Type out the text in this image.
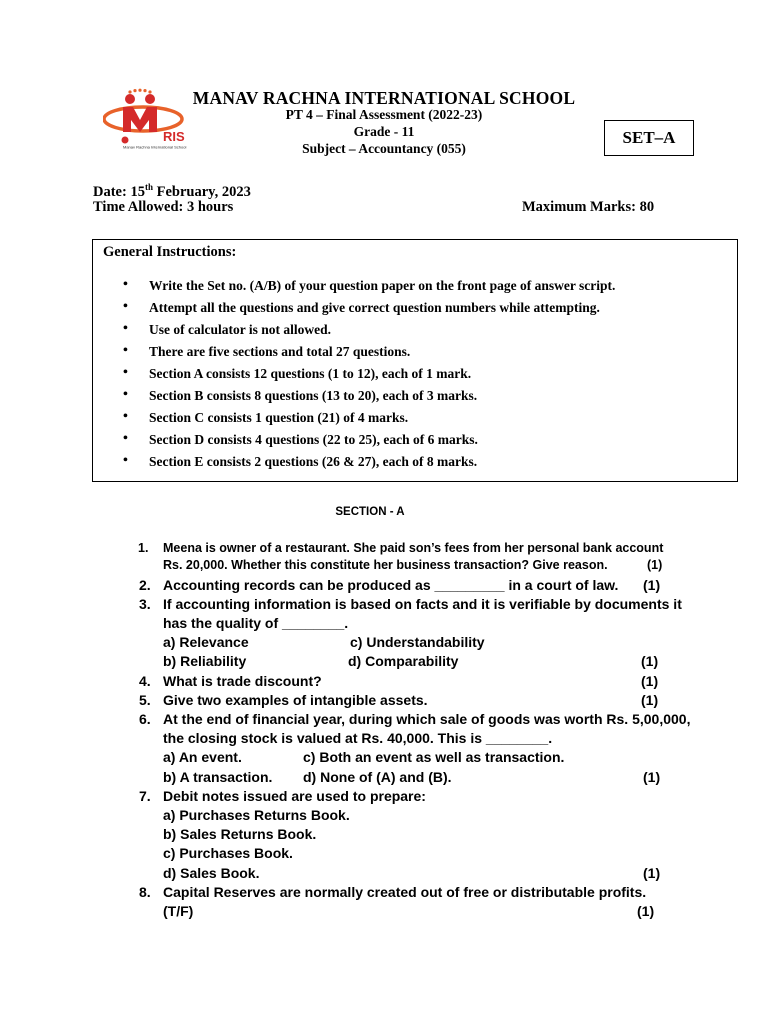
RIS
Manav Rachna International School
MANAV RACHNA INTERNATIONAL SCHOOL
PT 4 – Final Assessment (2022-23)
Grade - 11
Subject – Accountancy (055)
SET–A
Date: 15th February, 2023
Time Allowed: 3 hours	Maximum Marks: 80
General Instructions:
• Write the Set no. (A/B) of your question paper on the front page of answer script.
• Attempt all the questions and give correct question numbers while attempting.
• Use of calculator is not allowed.
• There are five sections and total 27 questions.
• Section A consists 12 questions (1 to 12), each of 1 mark.
• Section B consists 8 questions (13 to 20), each of 3 marks.
• Section C consists 1 question (21) of 4 marks.
• Section D consists 4 questions (22 to 25), each of 6 marks.
• Section E consists 2 questions (26 & 27), each of 8 marks.
SECTION - A
1. Meena is owner of a restaurant. She paid son’s fees from her personal bank account
Rs. 20,000. Whether this constitute her business transaction? Give reason.	(1)
2. Accounting records can be produced as _________ in a court of law. (1)
3. If accounting information is based on facts and it is verifiable by documents it
has the quality of ________.
a) Relevance	c) Understandability
b) Reliability	d) Comparability	(1)
4. What is trade discount?	(1)
5. Give two examples of intangible assets.	(1)
6. At the end of financial year, during which sale of goods was worth Rs. 5,00,000,
the closing stock is valued at Rs. 40,000. This is ________.
a) An event.	c) Both an event as well as transaction.
b) A transaction. d) None of (A) and (B).	(1)
7. Debit notes issued are used to prepare:
a) Purchases Returns Book.
b) Sales Returns Book.
c) Purchases Book.
d) Sales Book.	(1)
8. Capital Reserves are normally created out of free or distributable profits.
(T/F)	(1)
